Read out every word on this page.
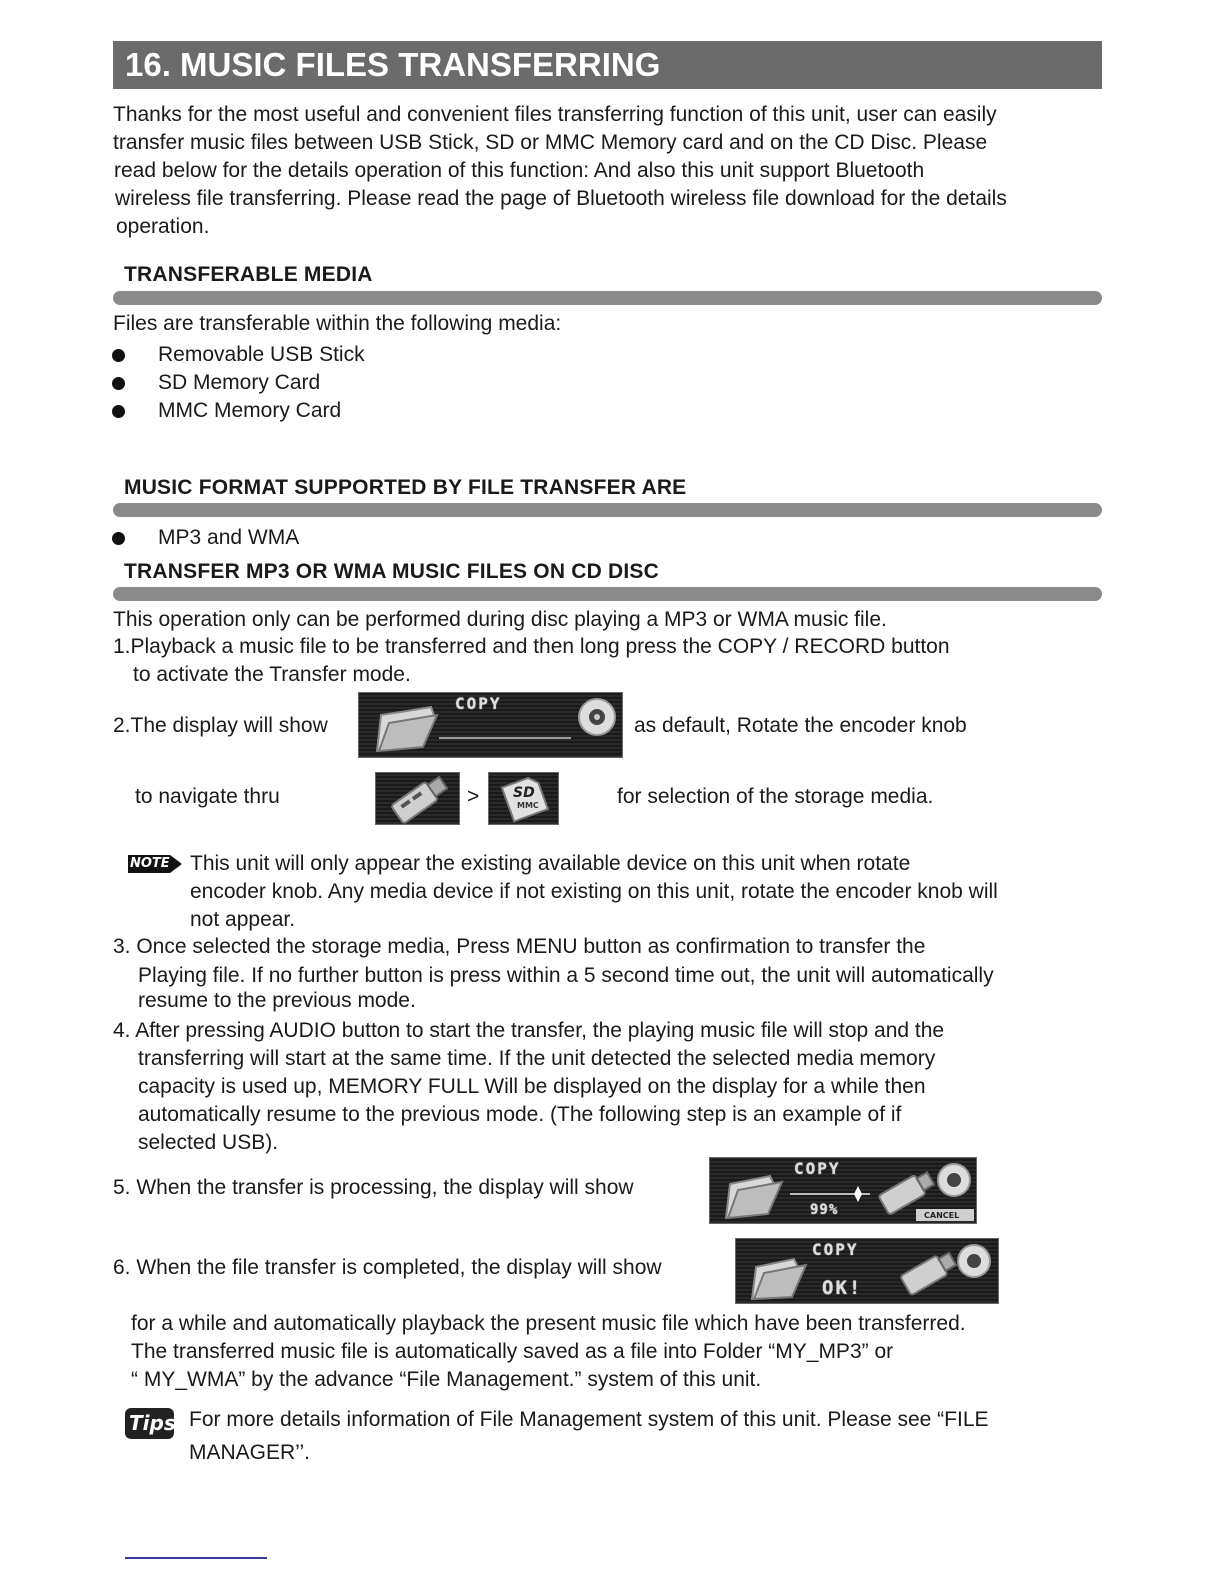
16. MUSIC FILES TRANSFERRING
Thanks for the most useful and convenient files transferring function of this unit, user can easily
transfer music files between USB Stick, SD or MMC Memory card and on the CD Disc. Please
read below for the details operation of this function: And also this unit support Bluetooth
wireless file transferring. Please read the page of Bluetooth wireless file download for the details
operation.
TRANSFERABLE MEDIA
Files are transferable within the following media:
Removable USB Stick
SD Memory Card
MMC Memory Card
MUSIC FORMAT SUPPORTED BY FILE TRANSFER ARE
MP3 and WMA
TRANSFER MP3 OR WMA MUSIC FILES ON CD DISC
This operation only can be performed during disc playing a MP3 or WMA music file.
1.Playback a music file to be transferred and then long press the COPY / RECORD button
to activate the Transfer mode.
2.The display will show
COPY
as default, Rotate the encoder knob
to navigate thru	> SD
MMC	for selection of the storage media.
NOTE This unit will only appear the existing available device on this unit when rotate
encoder knob. Any media device if not existing on this unit, rotate the encoder knob will
not appear.
3. Once selected the storage media, Press MENU button as confirmation to transfer the
Playing file. If no further button is press within a 5 second time out, the unit will automatically
resume to the previous mode.
4. After pressing AUDIO button to start the transfer, the playing music file will stop and the
transferring will start at the same time. If the unit detected the selected media memory
capacity is used up, MEMORY FULL Will be displayed on the display for a while then
automatically resume to the previous mode. (The following step is an example of if
selected USB).
5. When the transfer is processing, the display will show
COPY
99%	CANCEL
6. When the file transfer is completed, the display will show
COPY
OK!
for a while and automatically playback the present music file which have been transferred.
The transferred music file is automatically saved as a file into Folder “MY_MP3” or
“ MY_WMA” by the advance “File Management.” system of this unit.
Tips For more details information of File Management system of this unit. Please see “FILE
MANAGER’’.
